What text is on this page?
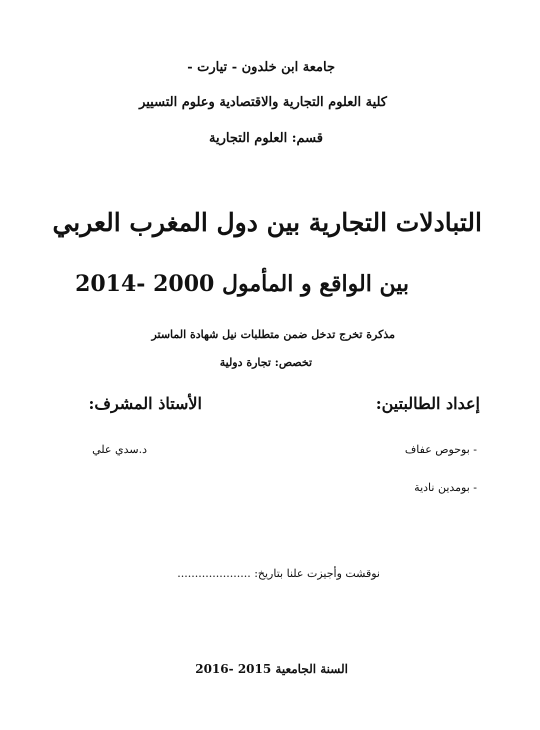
جامعة ابن خلدون - تيارت -
كلية العلوم التجارية والاقتصادية وعلوم التسيير
قسم: العلوم التجارية
التبادلات التجارية بين دول المغرب العربي
بين الواقع و المأمول 2000 -2014
مذكرة تخرج تدخل ضمن متطلبات نيل شهادة الماستر
تخصص: تجارة دولية
إعداد الطالبتين:
الأستاذ المشرف:
- بوحوص عفاف
- بومدين نادية
د.سدي علي
نوقشت وأجيزت علنا بتاريخ: .....................
السنة الجامعية 2015 -2016
